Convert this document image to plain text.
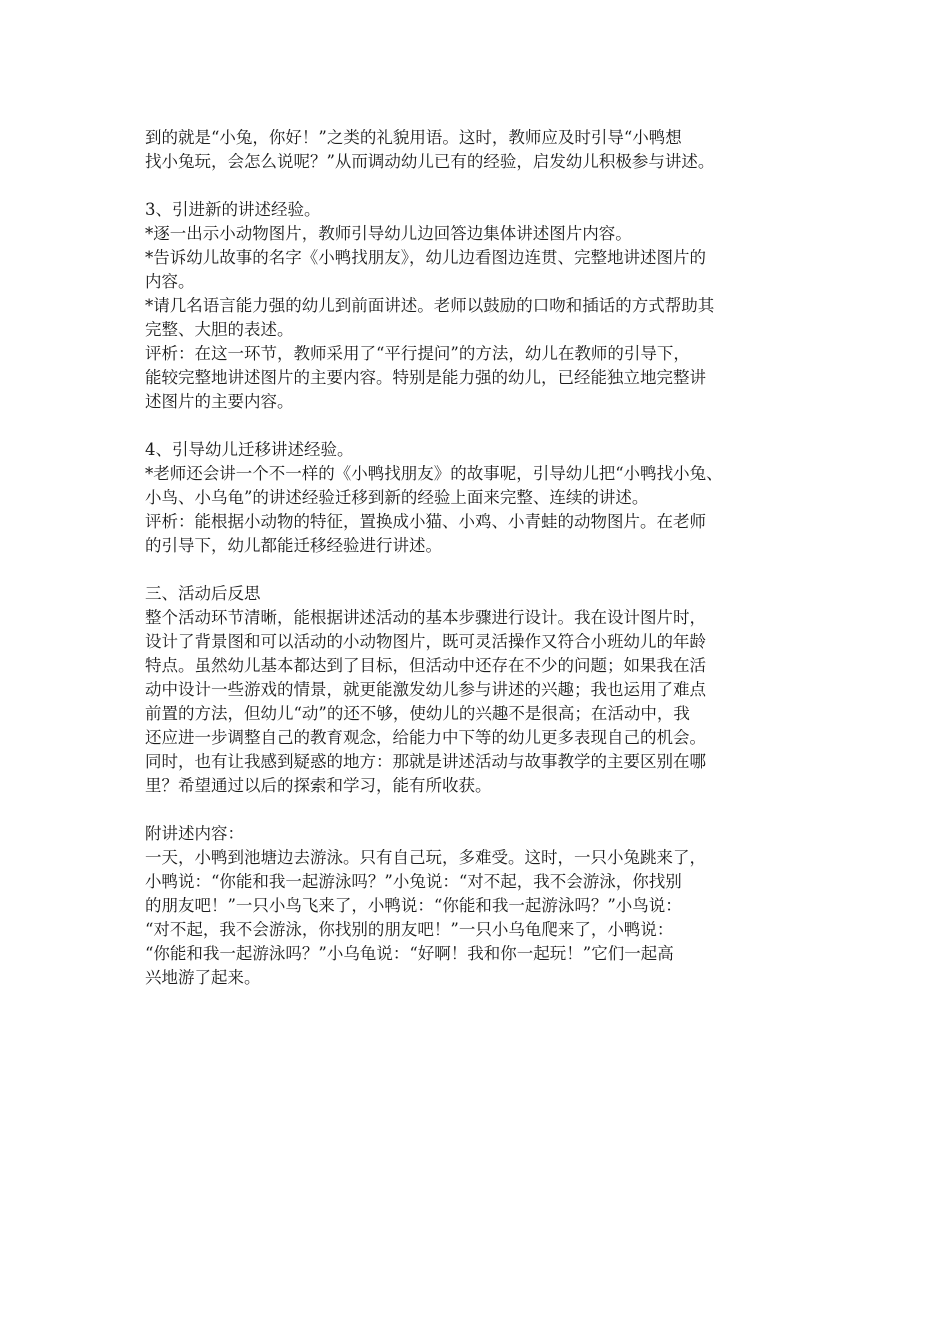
到的就是“小兔，你好！”之类的礼貌用语。这时，教师应及时引导“小鸭想
找小兔玩，会怎么说呢？”从而调动幼儿已有的经验，启发幼儿积极参与讲述。
3、引进新的讲述经验。
*逐一出示小动物图片，教师引导幼儿边回答边集体讲述图片内容。
*告诉幼儿故事的名字《小鸭找朋友》，幼儿边看图边连贯、完整地讲述图片的
内容。
*请几名语言能力强的幼儿到前面讲述。老师以鼓励的口吻和插话的方式帮助其
完整、大胆的表述。
评析：在这一环节，教师采用了“平行提问”的方法，幼儿在教师的引导下，
能较完整地讲述图片的主要内容。特别是能力强的幼儿，已经能独立地完整讲
述图片的主要内容。
4、引导幼儿迁移讲述经验。
*老师还会讲一个不一样的《小鸭找朋友》的故事呢，引导幼儿把“小鸭找小兔、
小鸟、小乌龟”的讲述经验迁移到新的经验上面来完整、连续的讲述。
评析：能根据小动物的特征，置换成小猫、小鸡、小青蛙的动物图片。在老师
的引导下，幼儿都能迁移经验进行讲述。
三、活动后反思
整个活动环节清晰，能根据讲述活动的基本步骤进行设计。我在设计图片时，
设计了背景图和可以活动的小动物图片，既可灵活操作又符合小班幼儿的年龄
特点。虽然幼儿基本都达到了目标，但活动中还存在不少的问题；如果我在活
动中设计一些游戏的情景，就更能激发幼儿参与讲述的兴趣；我也运用了难点
前置的方法，但幼儿“动”的还不够，使幼儿的兴趣不是很高；在活动中，我
还应进一步调整自己的教育观念，给能力中下等的幼儿更多表现自己的机会。
同时，也有让我感到疑惑的地方：那就是讲述活动与故事教学的主要区别在哪
里？希望通过以后的探索和学习，能有所收获。
附讲述内容：
一天，小鸭到池塘边去游泳。只有自己玩，多难受。这时，一只小兔跳来了，
小鸭说：“你能和我一起游泳吗？”小兔说：“对不起，我不会游泳，你找别
的朋友吧！”一只小鸟飞来了，小鸭说：“你能和我一起游泳吗？”小鸟说：
“对不起，我不会游泳，你找别的朋友吧！”一只小乌龟爬来了，小鸭说：
“你能和我一起游泳吗？”小乌龟说：“好啊！我和你一起玩！”它们一起高
兴地游了起来。
